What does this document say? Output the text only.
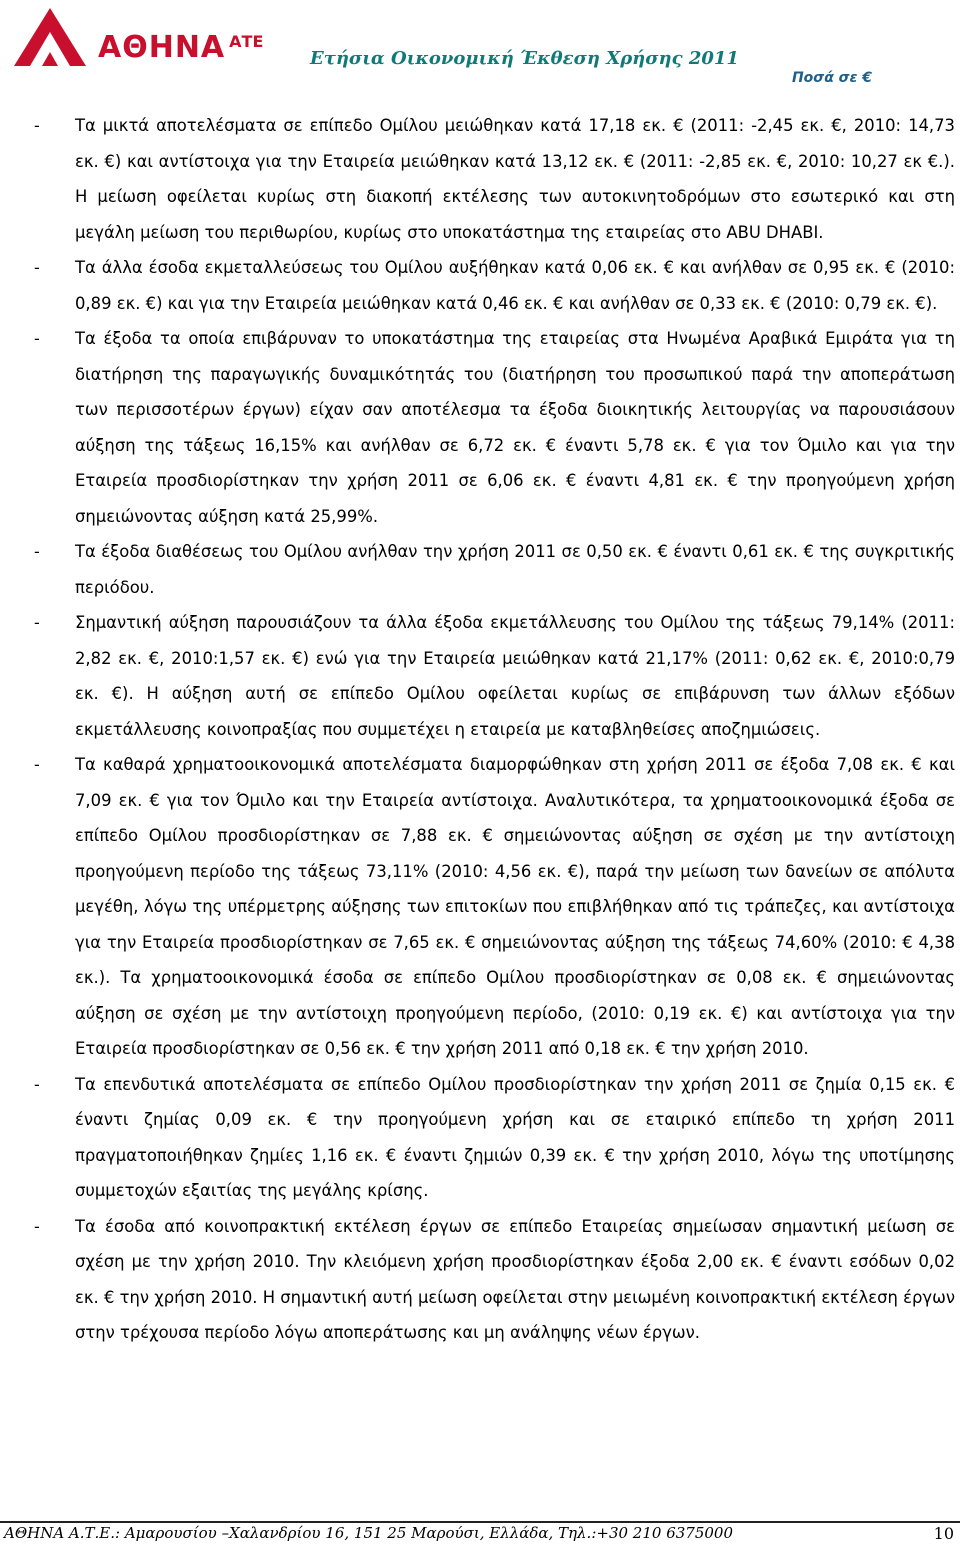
ΑΘΗΝΑ $^{ATE}$
Ετήσια Οικονομική Έκθεση Χρήσης 2011
Ποσά σε €
- Τα μικτά αποτελέσματα σε επίπεδο Ομίλου μειώθηκαν κατά 17,18 εκ. € (2011: -2,45 εκ. €, 2010: 14,73 εκ. €) και αντίστοιχα για την Εταιρεία μειώθηκαν κατά 13,12 εκ. € (2011: -2,85 εκ. €, 2010: 10,27 εκ €.). Η μείωση οφείλεται κυρίως στη διακοπή εκτέλεσης των αυτοκινητοδρόμων στο εσωτερικό και στη μεγάλη μείωση του περιθωρίου, κυρίως στο υποκατάστημα της εταιρείας στο ABU DHABI.

- Τα άλλα έσοδα εκμεταλλεύσεως του Ομίλου αυξήθηκαν κατά 0,06 εκ. € και ανήλθαν σε 0,95 εκ. € (2010: 0,89 εκ. €) και για την Εταιρεία μειώθηκαν κατά 0,46 εκ. € και ανήλθαν σε 0,33 εκ. € (2010: 0,79 εκ. €).

- Τα έξοδα τα οποία επιβάρυναν το υποκατάστημα της εταιρείας στα Ηνωμένα Αραβικά Εμιράτα για τη διατήρηση της παραγωγικής δυναμικότητάς του (διατήρηση του προσωπικού παρά την αποπεράτωση των περισσοτέρων έργων) είχαν σαν αποτέλεσμα τα έξοδα διοικητικής λειτουργίας να παρουσιάσουν αύξηση της τάξεως 16,15% και ανήλθαν σε 6,72 εκ. € έναντι 5,78 εκ. € για τον Όμιλο και για την Εταιρεία προσδιορίστηκαν την χρήση 2011 σε 6,06 εκ. € έναντι 4,81 εκ. € την προηγούμενη χρήση σημειώνοντας αύξηση κατά 25,99%.

- Τα έξοδα διαθέσεως του Ομίλου ανήλθαν την χρήση 2011 σε 0,50 εκ. € έναντι 0,61 εκ. € της συγκριτικής περιόδου.

- Σημαντική αύξηση παρουσιάζουν τα άλλα έξοδα εκμετάλλευσης του Ομίλου της τάξεως 79,14% (2011: 2,82 εκ. €, 2010:1,57 εκ. €) ενώ για την Εταιρεία μειώθηκαν κατά 21,17% (2011: 0,62 εκ. €, 2010:0,79 εκ. €). Η αύξηση αυτή σε επίπεδο Ομίλου οφείλεται κυρίως σε επιβάρυνση των άλλων εξόδων εκμετάλλευσης κοινοπραξίας που συμμετέχει η εταιρεία με καταβληθείσες αποζημιώσεις.

- Τα καθαρά χρηματοοικονομικά αποτελέσματα διαμορφώθηκαν στη χρήση 2011 σε έξοδα 7,08 εκ. € και 7,09 εκ. € για τον Όμιλο και την Εταιρεία αντίστοιχα. Αναλυτικότερα, τα χρηματοοικονομικά έξοδα σε επίπεδο Ομίλου προσδιορίστηκαν σε 7,88 εκ. € σημειώνοντας αύξηση σε σχέση με την αντίστοιχη προηγούμενη περίοδο της τάξεως 73,11% (2010: 4,56 εκ. €), παρά την μείωση των δανείων σε απόλυτα μεγέθη, λόγω της υπέρμετρης αύξησης των επιτοκίων που επιβλήθηκαν από τις τράπεζες, και αντίστοιχα για την Εταιρεία προσδιορίστηκαν σε 7,65 εκ. € σημειώνοντας αύξηση της τάξεως 74,60% (2010: € 4,38 εκ.). Τα χρηματοοικονομικά έσοδα σε επίπεδο Ομίλου προσδιορίστηκαν σε 0,08 εκ. € σημειώνοντας αύξηση σε σχέση με την αντίστοιχη προηγούμενη περίοδο, (2010: 0,19 εκ. €) και αντίστοιχα για την Εταιρεία προσδιορίστηκαν σε 0,56 εκ. € την χρήση 2011 από 0,18 εκ. € την χρήση 2010.

- Τα επενδυτικά αποτελέσματα σε επίπεδο Ομίλου προσδιορίστηκαν την χρήση 2011 σε ζημία 0,15 εκ. € έναντι ζημίας 0,09 εκ. € την προηγούμενη χρήση και σε εταιρικό επίπεδο τη χρήση 2011 πραγματοποιήθηκαν ζημίες 1,16 εκ. € έναντι ζημιών 0,39 εκ. € την χρήση 2010, λόγω της υποτίμησης συμμετοχών εξαιτίας της μεγάλης κρίσης.

- Τα έσοδα από κοινοπρακτική εκτέλεση έργων σε επίπεδο Εταιρείας σημείωσαν σημαντική μείωση σε σχέση με την χρήση 2010. Την κλειόμενη χρήση προσδιορίστηκαν έξοδα 2,00 εκ. € έναντι εσόδων 0,02 εκ. € την χρήση 2010. Η σημαντική αυτή μείωση οφείλεται στην μειωμένη κοινοπρακτική εκτέλεση έργων στην τρέχουσα περίοδο λόγω αποπεράτωσης και μη ανάληψης νέων έργων.

ΑΘΗΝΑ Α.Τ.Ε.: Αμαρουσίου –Χαλανδρίου 16, 151 25 Μαρούσι, Ελλάδα, Τηλ.:+30 210 6375000	10
